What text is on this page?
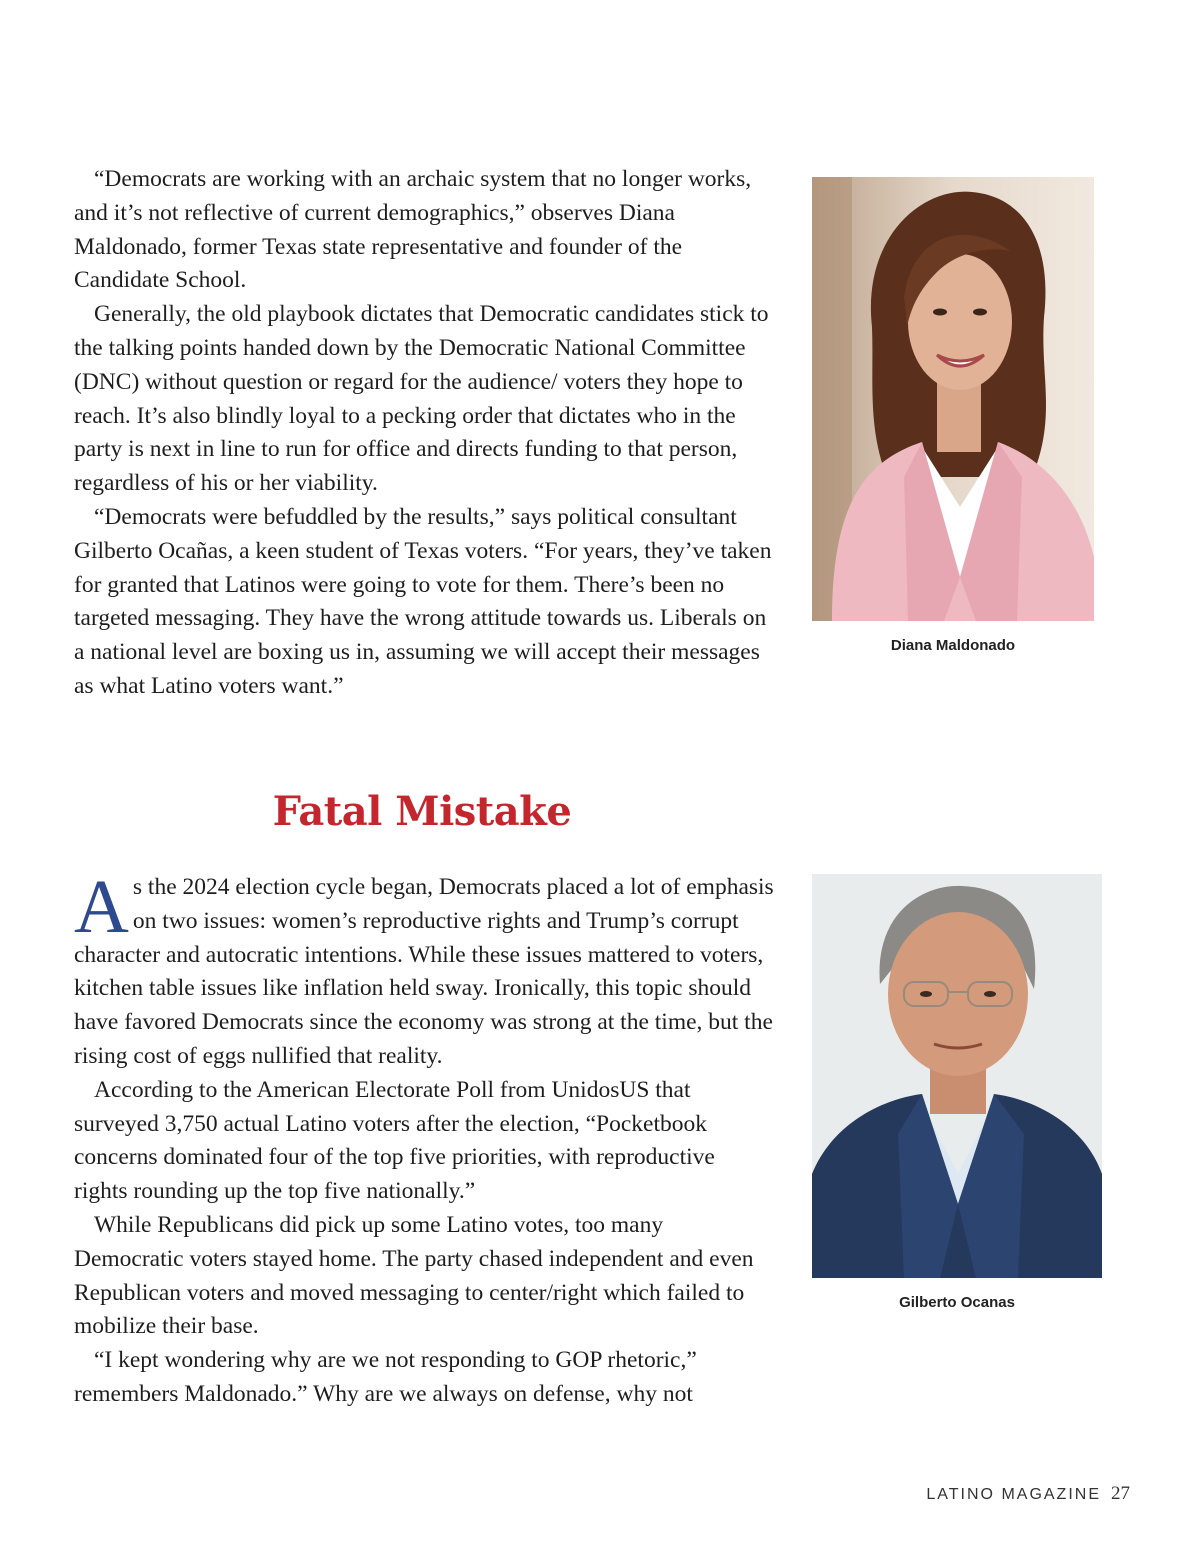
“Democrats are working with an archaic system that no longer works, and it’s not reflective of current demographics,” observes Diana Maldonado, former Texas state representative and founder of the Candidate School.

Generally, the old playbook dictates that Democratic candidates stick to the talking points handed down by the Democratic National Committee (DNC) without question or regard for the audience/ voters they hope to reach. It’s also blindly loyal to a pecking order that dictates who in the party is next in line to run for office and directs funding to that person, regardless of his or her viability.

“Democrats were befuddled by the results,” says political consultant Gilberto Ocañas, a keen student of Texas voters. “For years, they’ve taken for granted that Latinos were going to vote for them. There’s been no targeted messaging. They have the wrong attitude towards us. Liberals on a national level are boxing us in, assuming we will accept their messages as what Latino voters want.”

Fatal Mistake

As the 2024 election cycle began, Democrats placed a lot of emphasis on two issues: women’s reproductive rights and Trump’s corrupt character and autocratic intentions. While these issues mattered to voters, kitchen table issues like inflation held sway. Ironically, this topic should have favored Democrats since the economy was strong at the time, but the rising cost of eggs nullified that reality.

According to the American Electorate Poll from UnidosUS that surveyed 3,750 actual Latino voters after the election, “Pocketbook concerns dominated four of the top five priorities, with reproductive rights rounding up the top five nationally.”

While Republicans did pick up some Latino votes, too many Democratic voters stayed home. The party chased independent and even Republican voters and moved messaging to center/right which failed to mobilize their base.

“I kept wondering why are we not responding to GOP rhetoric,” remembers Maldonado.” Why are we always on defense, why not

Diana Maldonado
Gilberto Ocanas
LATINO MAGAZINE 27
